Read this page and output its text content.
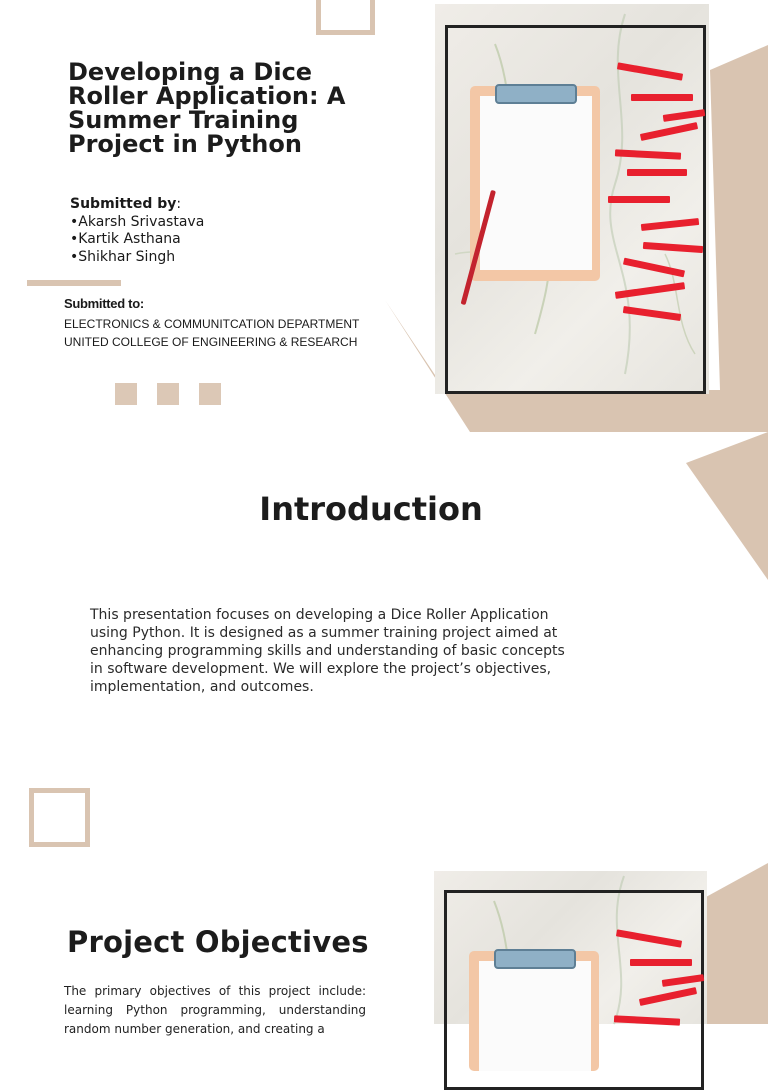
Developing a Dice Roller Application: A Summer Training Project in Python
Submitted by:
•Akarsh Srivastava
•Kartik Asthana
•Shikhar Singh
Submitted to:
ELECTRONICS & COMMUNITCATION DEPARTMENT
UNITED COLLEGE OF ENGINEERING & RESEARCH
Introduction
This presentation focuses on developing a Dice Roller Application using Python. It is designed as a summer training project aimed at enhancing programming skills and understanding of basic concepts in software development. We will explore the project’s objectives, implementation, and outcomes.
Project Objectives
The primary objectives of this project include: learning Python programming, understanding random number generation, and creating a
